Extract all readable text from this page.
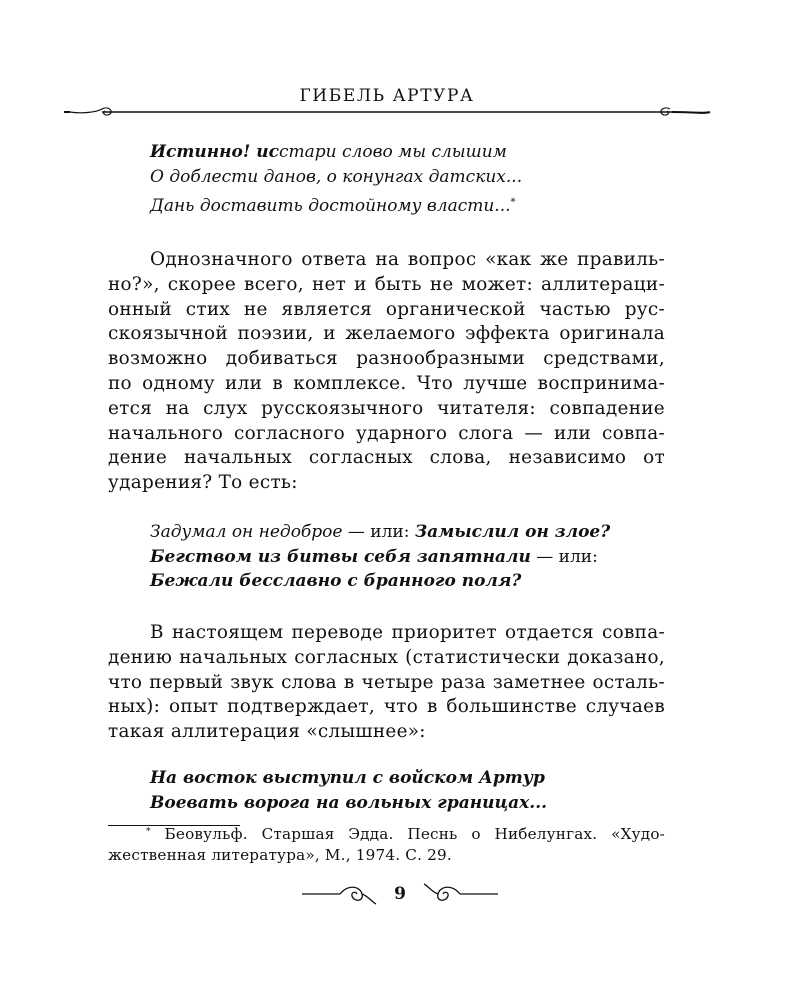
ГИБЕЛЬ АРТУРА
Истинно! исстари слово мы слышим
О доблести данов, о конунгах датских...
Дань доставить достойному власти...*
Однозначного ответа на вопрос «как же правиль-
но?», скорее всего, нет и быть не может: аллитераци-
онный стих не является органической частью рус-
скоязычной поэзии, и желаемого эффекта оригинала
возможно добиваться разнообразными средствами,
по одному или в комплексе. Что лучше воспринима-
ется на слух русскоязычного читателя: совпадение
начального согласного ударного слога — или совпа-
дение начальных согласных слова, независимо от
ударения? То есть:
Задумал он недоброе — или: Замыслил он злое?
Бегством из битвы себя запятнали — или:
Бежали бесславно с бранного поля?
В настоящем переводе приоритет отдается совпа-
дению начальных согласных (статистически доказано,
что первый звук слова в четыре раза заметнее осталь-
ных): опыт подтверждает, что в большинстве случаев
такая аллитерация «слышнее»:
На восток выступил с войском Артур
Воевать ворога на вольных границах...
* Беовульф. Старшая Эдда. Песнь о Нибелунгах. «Худо-
жественная литература», М., 1974. С. 29.
9
